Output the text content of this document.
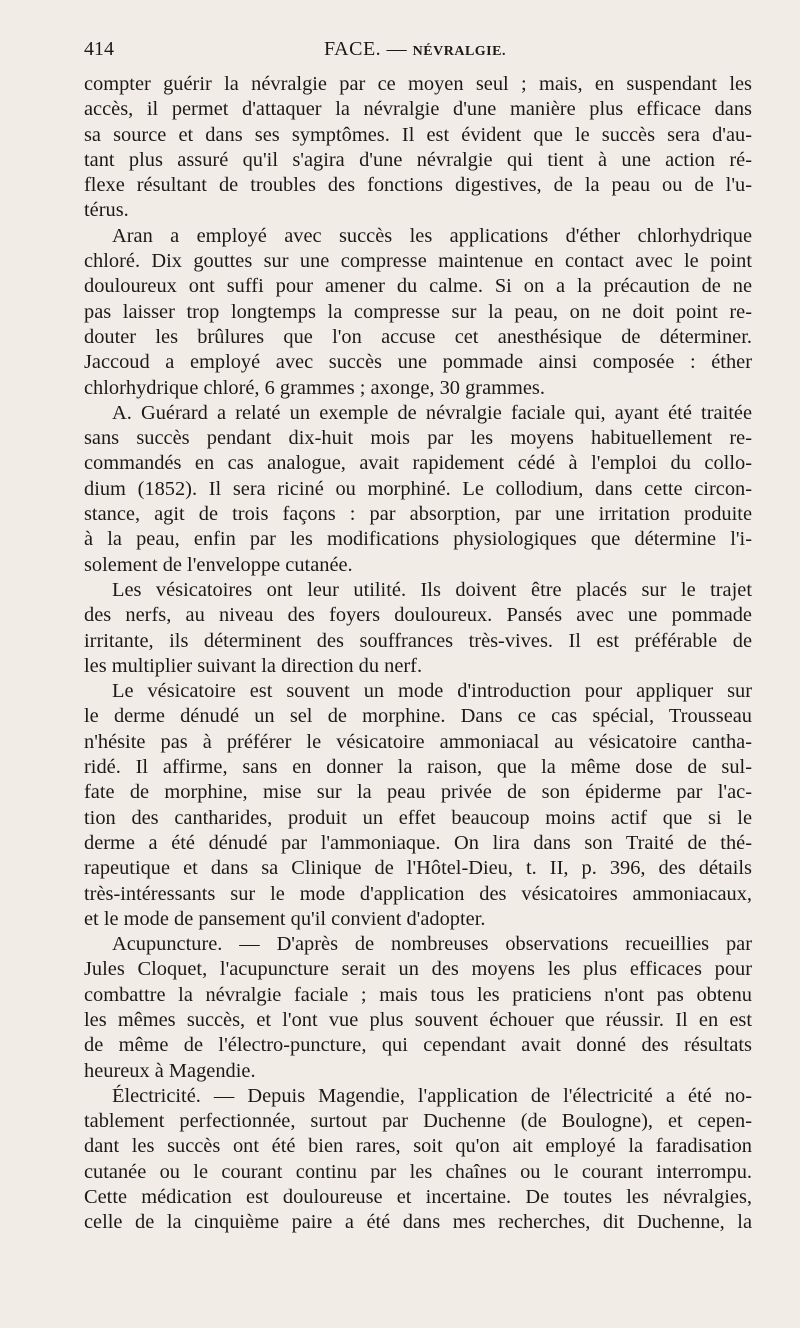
414	FACE. — NÉVRALGIE.
compter guérir la névralgie par ce moyen seul ; mais, en suspendant les
accès, il permet d'attaquer la névralgie d'une manière plus efficace dans
sa source et dans ses symptômes. Il est évident que le succès sera d'au-
tant plus assuré qu'il s'agira d'une névralgie qui tient à une action ré-
flexe résultant de troubles des fonctions digestives, de la peau ou de l'u-
térus.
Aran a employé avec succès les applications d'éther chlorhydrique
chloré. Dix gouttes sur une compresse maintenue en contact avec le point
douloureux ont suffi pour amener du calme. Si on a la précaution de ne
pas laisser trop longtemps la compresse sur la peau, on ne doit point re-
douter les brûlures que l'on accuse cet anesthésique de déterminer.
Jaccoud a employé avec succès une pommade ainsi composée : éther
chlorhydrique chloré, 6 grammes ; axonge, 30 grammes.
A. Guérard a relaté un exemple de névralgie faciale qui, ayant été traitée
sans succès pendant dix-huit mois par les moyens habituellement re-
commandés en cas analogue, avait rapidement cédé à l'emploi du collo-
dium (1852). Il sera riciné ou morphiné. Le collodium, dans cette circon-
stance, agit de trois façons : par absorption, par une irritation produite
à la peau, enfin par les modifications physiologiques que détermine l'i-
solement de l'enveloppe cutanée.
Les vésicatoires ont leur utilité. Ils doivent être placés sur le trajet
des nerfs, au niveau des foyers douloureux. Pansés avec une pommade
irritante, ils déterminent des souffrances très-vives. Il est préférable de
les multiplier suivant la direction du nerf.
Le vésicatoire est souvent un mode d'introduction pour appliquer sur
le derme dénudé un sel de morphine. Dans ce cas spécial, Trousseau
n'hésite pas à préférer le vésicatoire ammoniacal au vésicatoire cantha-
ridé. Il affirme, sans en donner la raison, que la même dose de sul-
fate de morphine, mise sur la peau privée de son épiderme par l'ac-
tion des cantharides, produit un effet beaucoup moins actif que si le
derme a été dénudé par l'ammoniaque. On lira dans son Traité de thé-
rapeutique et dans sa Clinique de l'Hôtel-Dieu, t. II, p. 396, des détails
très-intéressants sur le mode d'application des vésicatoires ammoniacaux,
et le mode de pansement qu'il convient d'adopter.
Acupuncture. — D'après de nombreuses observations recueillies par
Jules Cloquet, l'acupuncture serait un des moyens les plus efficaces pour
combattre la névralgie faciale ; mais tous les praticiens n'ont pas obtenu
les mêmes succès, et l'ont vue plus souvent échouer que réussir. Il en est
de même de l'électro-puncture, qui cependant avait donné des résultats
heureux à Magendie.
Électricité. — Depuis Magendie, l'application de l'électricité a été no-
tablement perfectionnée, surtout par Duchenne (de Boulogne), et cepen-
dant les succès ont été bien rares, soit qu'on ait employé la faradisation
cutanée ou le courant continu par les chaînes ou le courant interrompu.
Cette médication est douloureuse et incertaine. De toutes les névralgies,
celle de la cinquième paire a été dans mes recherches, dit Duchenne, la
